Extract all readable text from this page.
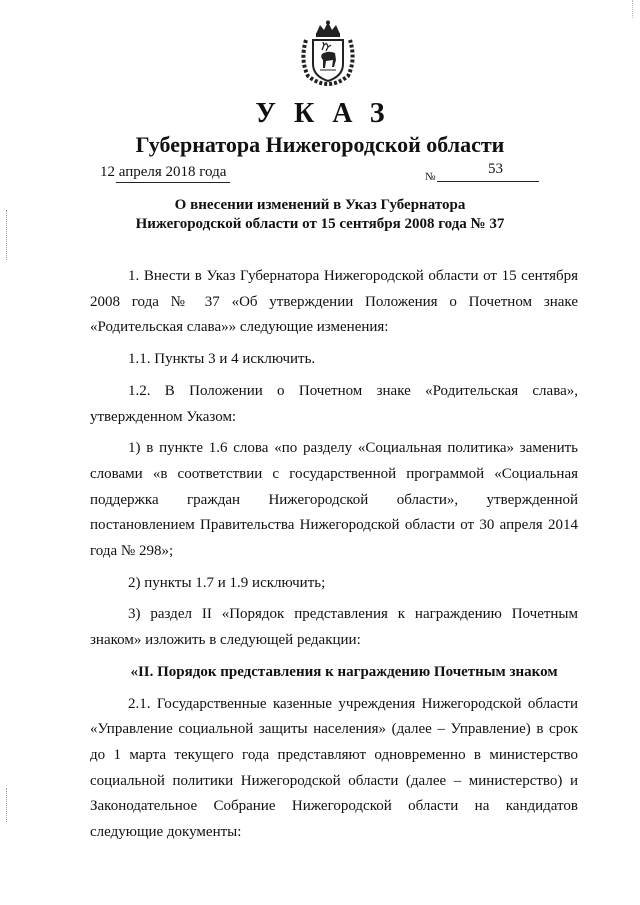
УКАЗ
Губернатора Нижегородской области
12 апреля 2018 года	№	53
О внесении изменений в Указ Губернатора
Нижегородской области от 15 сентября 2008 года № 37

1. Внести в Указ Губернатора Нижегородской области от 15 сентября 2008 года № 37 «Об утверждении Положения о Почетном знаке «Родительская слава»» следующие изменения:

1.1. Пункты 3 и 4 исключить.

1.2. В Положении о Почетном знаке «Родительская слава», утвержденном Указом:

1) в пункте 1.6 слова «по разделу «Социальная политика» заменить словами «в соответствии с государственной программой «Социальная поддержка граждан Нижегородской области», утвержденной постановлением Правительства Нижегородской области от 30 апреля 2014 года № 298»;

2) пункты 1.7 и 1.9 исключить;

3) раздел II «Порядок представления к награждению Почетным знаком» изложить в следующей редакции:

«II. Порядок представления к награждению Почетным знаком

2.1. Государственные казенные учреждения Нижегородской области «Управление социальной защиты населения» (далее – Управление) в срок до 1 марта текущего года представляют одновременно в министерство социальной политики Нижегородской области (далее – министерство) и Законодательное Собрание Нижегородской области на кандидатов следующие документы:
